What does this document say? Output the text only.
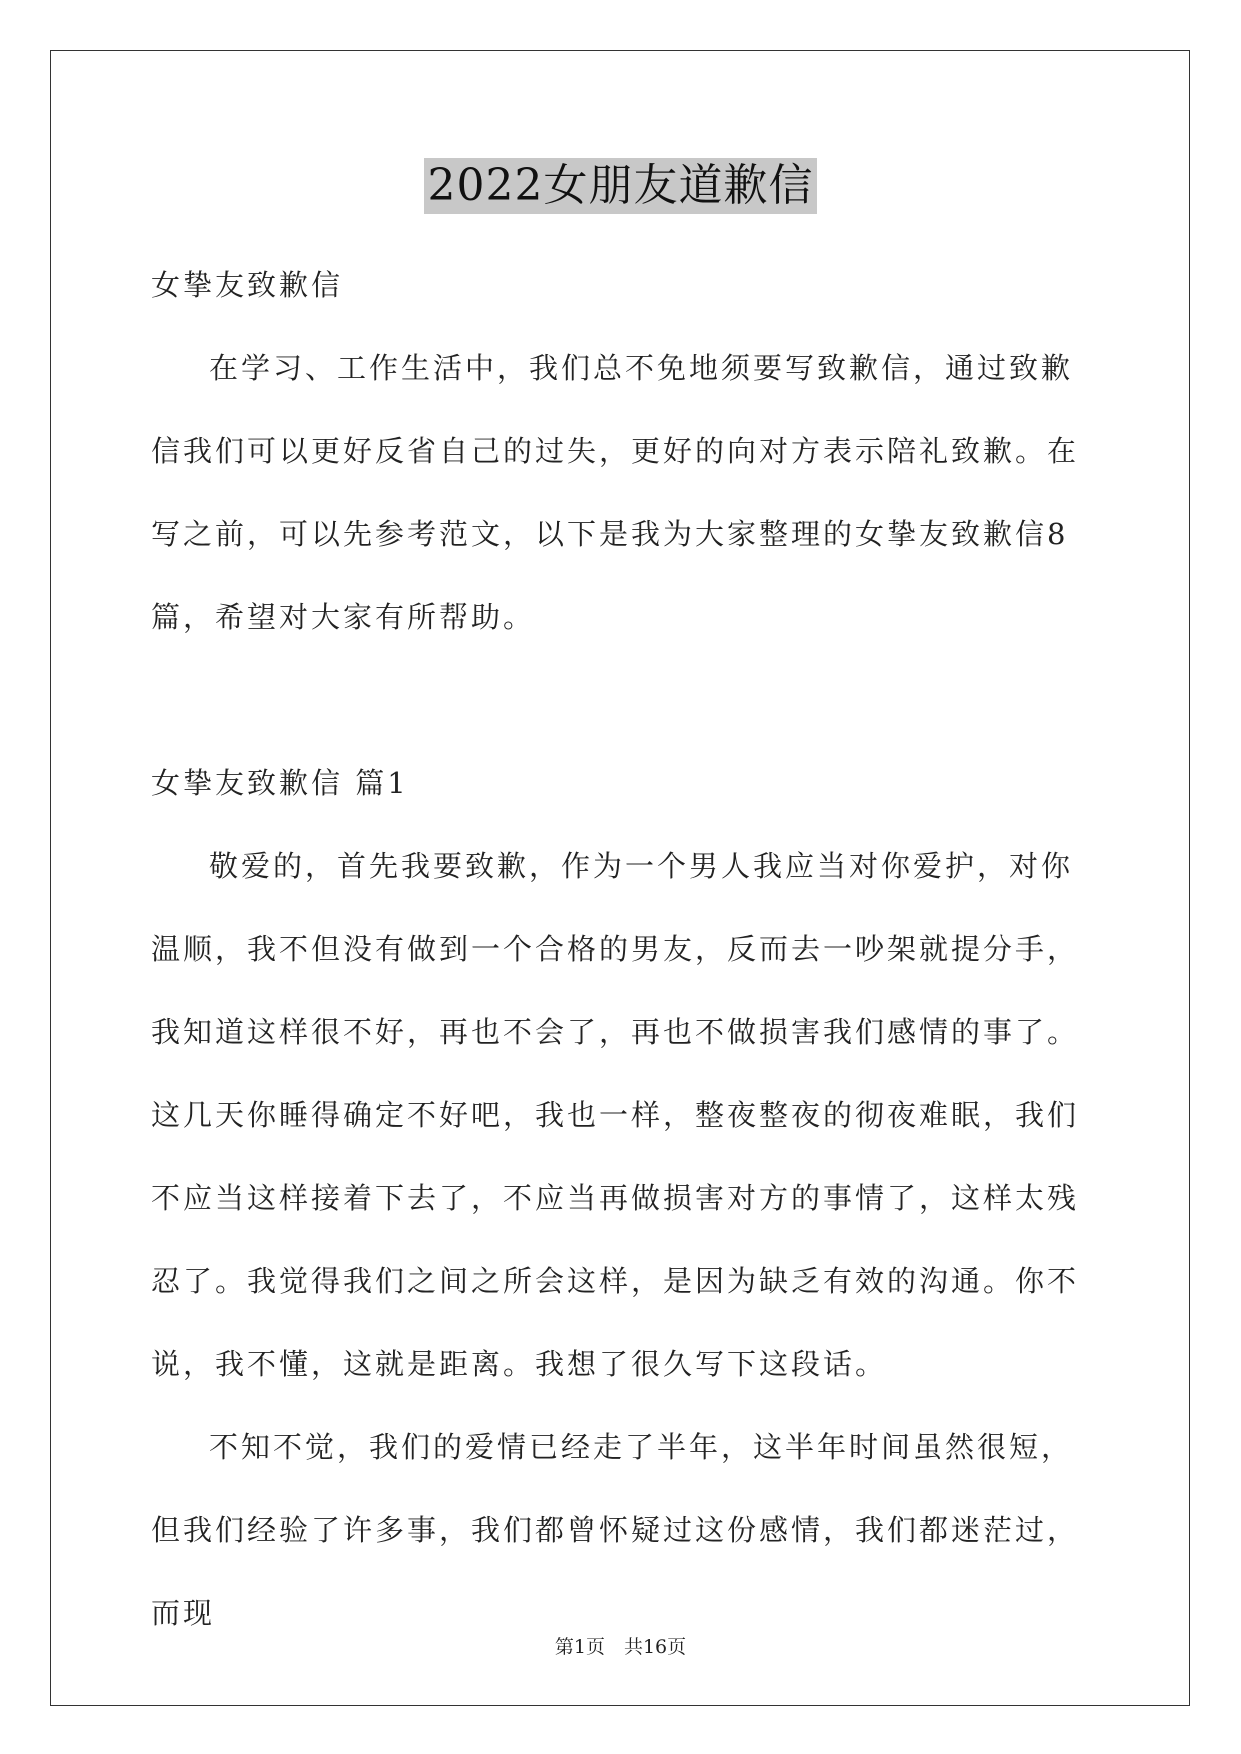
2022女朋友道歉信

女挚友致歉信

在学习、工作生活中，我们总不免地须要写致歉信，通过致歉信我们可以更好反省自己的过失，更好的向对方表示陪礼致歉。在写之前，可以先参考范文，以下是我为大家整理的女挚友致歉信8篇，希望对大家有所帮助。

女挚友致歉信 篇1

敬爱的，首先我要致歉，作为一个男人我应当对你爱护，对你温顺，我不但没有做到一个合格的男友，反而去一吵架就提分手，我知道这样很不好，再也不会了，再也不做损害我们感情的事了。这几天你睡得确定不好吧，我也一样，整夜整夜的彻夜难眠，我们不应当这样接着下去了，不应当再做损害对方的事情了，这样太残忍了。我觉得我们之间之所会这样，是因为缺乏有效的沟通。你不说，我不懂，这就是距离。我想了很久写下这段话。

不知不觉，我们的爱情已经走了半年，这半年时间虽然很短，但我们经验了许多事，我们都曾怀疑过这份感情，我们都迷茫过，而现

第1页　共16页
